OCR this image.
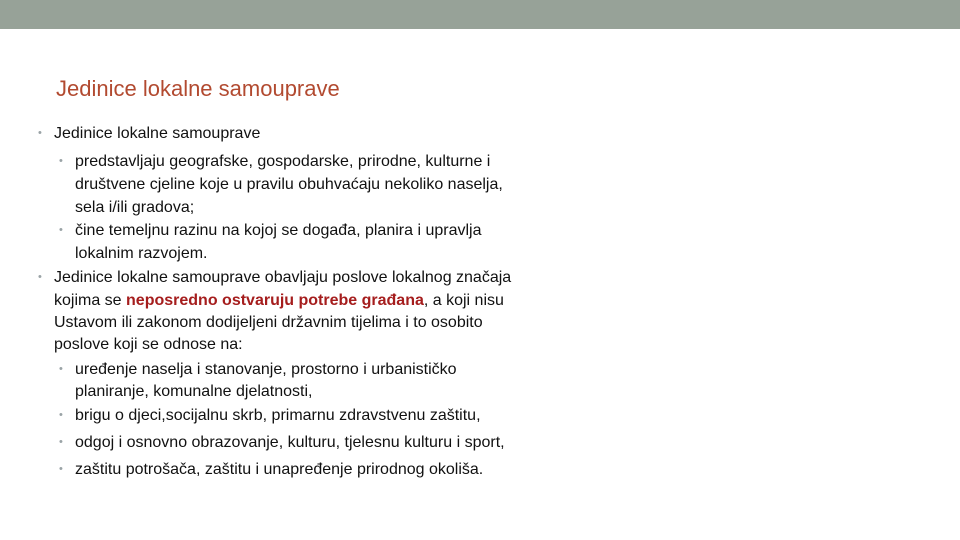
Jedinice lokalne samouprave
• Jedinice lokalne samouprave

• predstavljaju geografske, gospodarske, prirodne, kulturne i

društvene cjeline koje u pravilu obuhvaćaju nekoliko naselja,

sela i/ili gradova;

• čine temeljnu razinu na kojoj se događa, planira i upravlja

lokalnim razvojem.

• Jedinice lokalne samouprave obavljaju poslove lokalnog značaja

kojima se neposredno ostvaruju potrebe građana, a koji nisu

Ustavom ili zakonom dodijeljeni državnim tijelima i to osobito

poslove koji se odnose na:

• uređenje naselja i stanovanje, prostorno i urbanističko

planiranje, komunalne djelatnosti,

• brigu o djeci,socijalnu skrb, primarnu zdravstvenu zaštitu,

• odgoj i osnovno obrazovanje, kulturu, tjelesnu kulturu i sport,

• zaštitu potrošača, zaštitu i unapređenje prirodnog okoliša.
